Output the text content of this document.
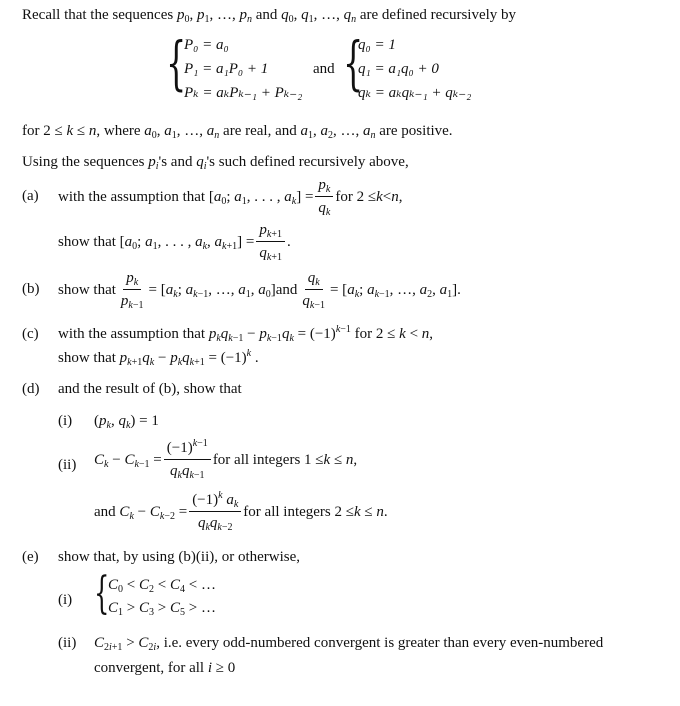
Recall that the sequences $p_0$, $p_1$, …, $p_n$ and $q_0$, $q_1$, …, $q_n$ are defined recursively by
{
P₀ = a₀
P₁ = a₁P₀ + 1
Pₖ = aₖPₖ₋₁ + Pₖ₋₂
and {
q₀ = 1
q₁ = a₁q₀ + 0
qₖ = aₖqₖ₋₁ + qₖ₋₂
for 2 ≤ k ≤ n, where $a_0$, $a_1$, …, $a_n$ are real, and $a_1$, $a_2$, …, $a_n$ are positive.
Using the sequences $p_i's$ and $q_i's$ such defined recursively above,
(a) with the assumption that
[$a_0$; $a_1$, . . . , $a_k] = \frac{p_k}{q_k}$ for 2 ≤ k < n ,
show that
[$a_0$; $a_1$, . . . , $a_k$, $a_{k+1}] = \frac{p_{k+1}}{q_{k+1}}$ .
(b) show that $\frac{p_k}{p_{k-1}} = [a_k$; $a_{k-1}$, …, $a_1$, $a_0$] and $\frac{q_k}{q_{k-1}} = [a_k$; $a_{k-1}$, …, $a_2$, $a_1$].
(c) with the assumption that $p_kq_{k-1} - p_{k-1}q_k = (-1)^{k-1}$ for 2 ≤ k < n,
show that $p_{k+1}q_k - p_kq_{k+1} = (-1)^k$ .
(d) and the result of (b), show that
(i) ($p_k$, $q_k) = 1$
(ii) $C_k - C_{k-1} = \frac{(-1)^{k-1}}{q_kq_{k-1}}$ for all integers 1 ≤ k ≤ n ,
and
$C_k - C_{k-2} = \frac{(-1)^k a_k}{q_kq_{k-2}}$ for all integers 2 ≤ k ≤ n .
(e) show that, by using (b)(ii), or otherwise,
(i) {
$C_0 < C_2 < C_4$ < …
$C_1 > C_3 > C_5$ > …
(ii) $C_{2i+1} > C_{2i}$, i.e. every odd-numbered convergent is greater than every even-numbered
convergent, for all i ≥ 0
